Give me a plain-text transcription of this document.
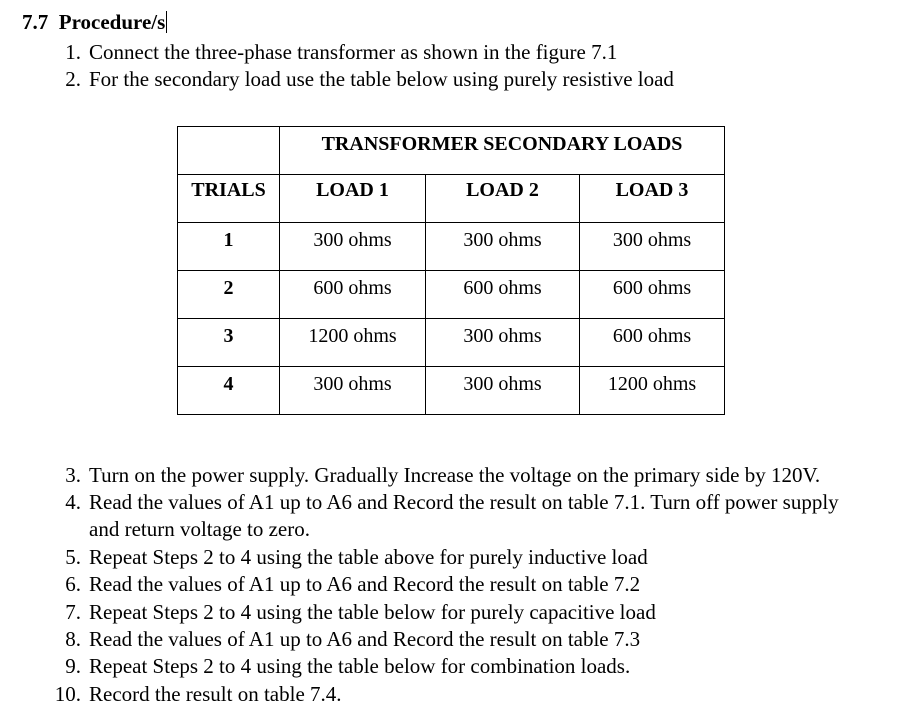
7.7 Procedure/s
1. Connect the three-phase transformer as shown in the figure 7.1
2. For the secondary load use the table below using purely resistive load

	TRANSFORMER SECONDARY LOADS		

TRIALS	LOAD 1	LOAD 2	LOAD 3

1	300 ohms	300 ohms	300 ohms

2	600 ohms	600 ohms	600 ohms

3	1200 ohms	300 ohms	600 ohms

4	300 ohms	300 ohms	1200 ohms
3. Turn on the power supply. Gradually Increase the voltage on the primary side by 120V.
4. Read the values of A1 up to A6 and Record the result on table 7.1. Turn off power supply
and return voltage to zero.
5. Repeat Steps 2 to 4 using the table above for purely inductive load
6. Read the values of A1 up to A6 and Record the result on table 7.2
7. Repeat Steps 2 to 4 using the table below for purely capacitive load
8. Read the values of A1 up to A6 and Record the result on table 7.3
9. Repeat Steps 2 to 4 using the table below for combination loads.
10. Record the result on table 7.4.
